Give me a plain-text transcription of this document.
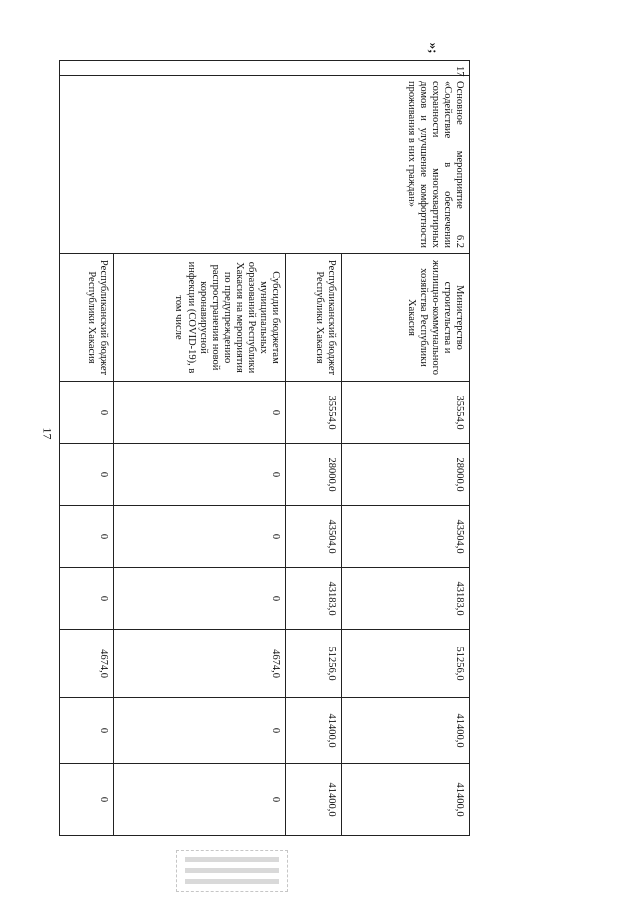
17
»;
17	Основное мероприятие 6.2 «Содействие в обеспечении сохранности многоквартирных домов и улучшение комфортности проживания в них граждан»	Министерство строительства и жилищно-коммунального хозяйства Республики Хакасия	35554,0	28000,0	43504,0	43183,0	51256,0	41400,0	41400,0
		Республиканский бюджет Республики Хакасия	35554,0	28000,0	43504,0	43183,0	51256,0	41400,0	41400,0
		Субсидии бюджетам муниципальных образований Республики Хакасия на мероприятия по предупреждению распространения новой коронавирусной инфекции (COVID-19), в том числе	0	0	0	0	4674,0	0	0
		Республиканский бюджет Республики Хакасия	0	0	0	0	4674,0	0	0
